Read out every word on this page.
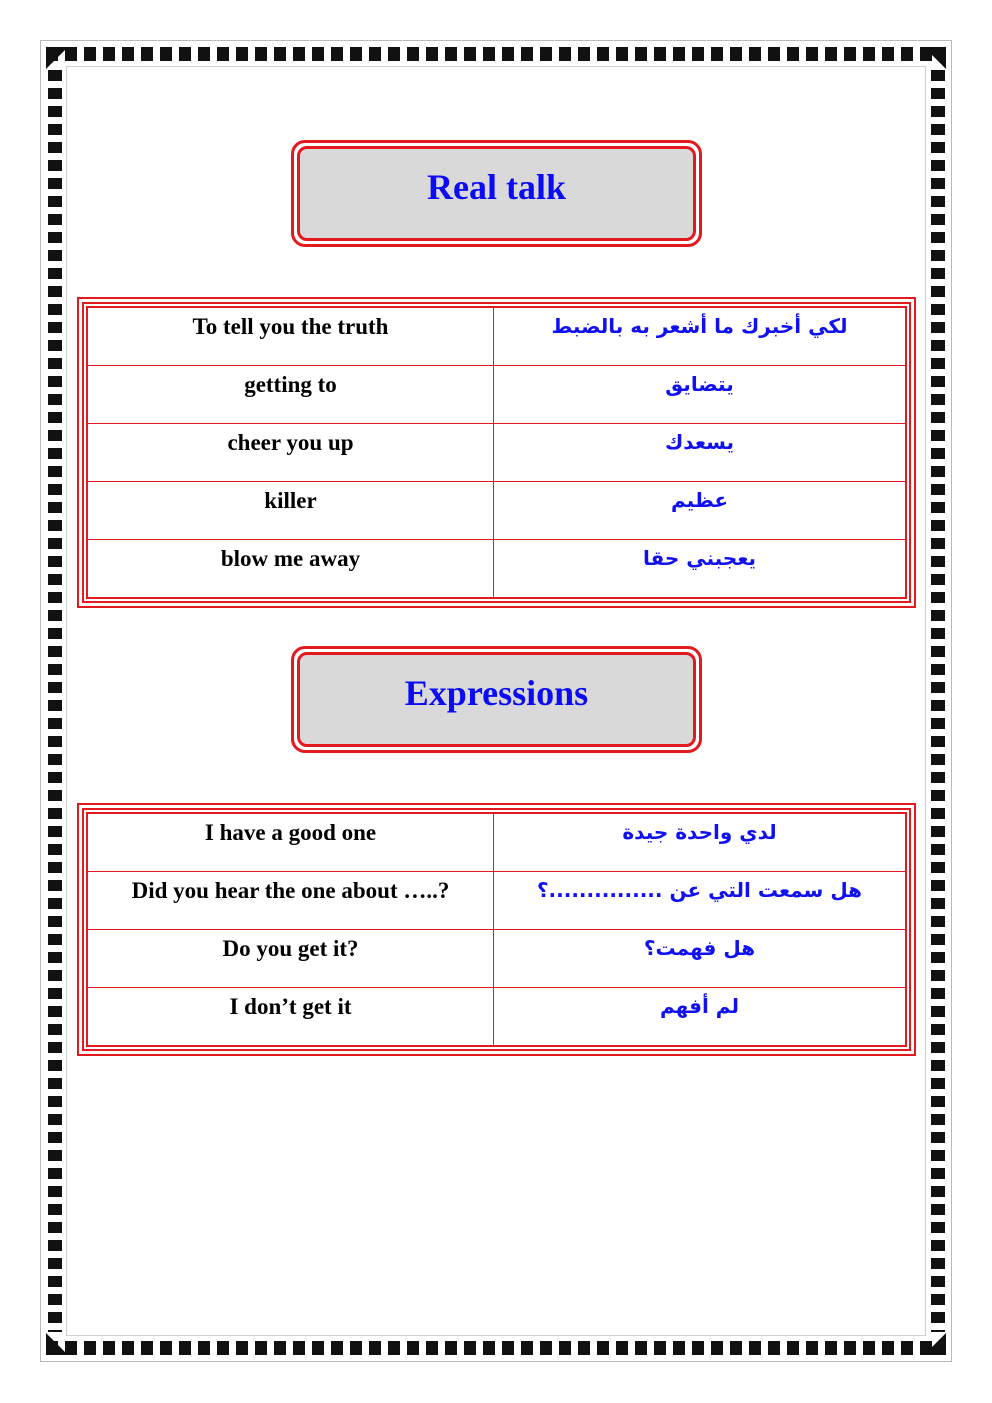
Real talk
To tell you the truth	لكي أخبرك ما أشعر به بالضبط
getting to	يتضايق
cheer you up	يسعدك
killer	عظيم
blow me away	يعجبني حقا
Expressions
I have a good one	لدي واحدة جيدة
Did you hear the one about …..?	هل سمعت التي عن ...............؟
Do you get it?	هل فهمت؟
I don’t get it	لم أفهم
